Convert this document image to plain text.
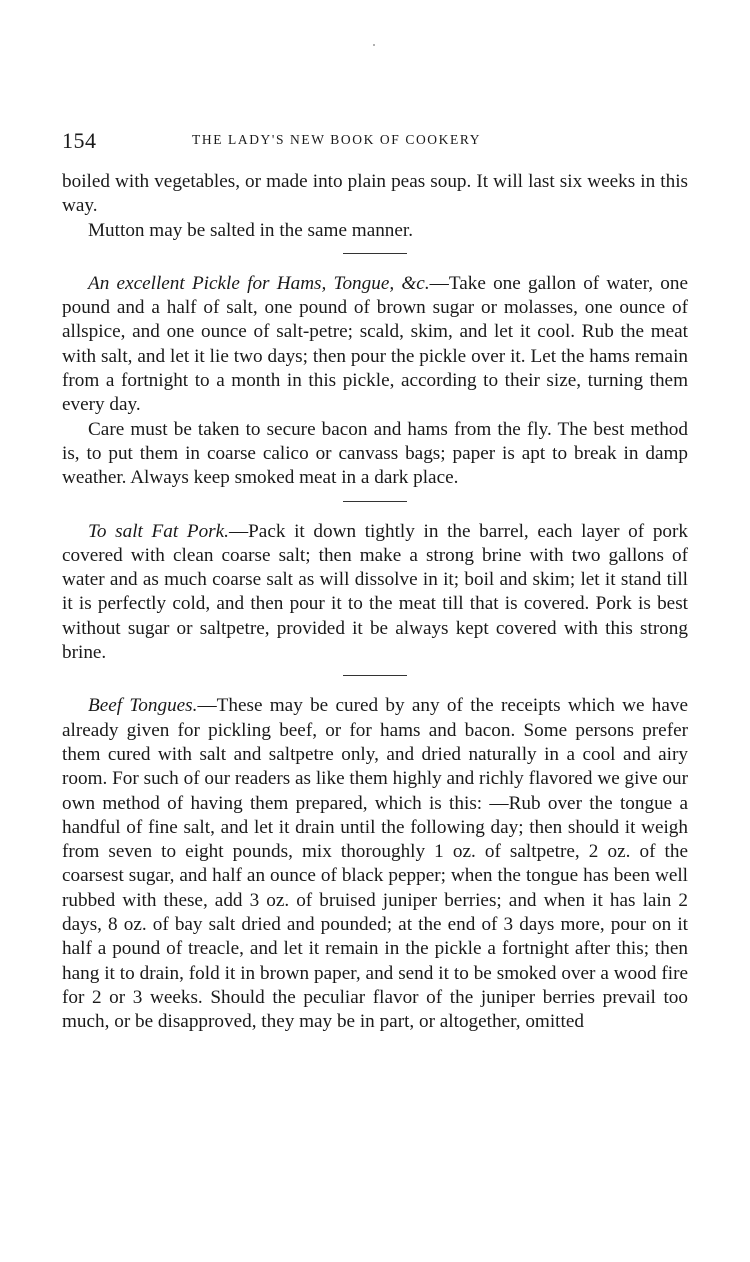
154	THE LADY'S NEW BOOK OF COOKERY

boiled with vegetables, or made into plain peas soup. It will last six weeks in this way.

Mutton may be salted in the same manner.

An excellent Pickle for Hams, Tongue, &c.—Take one gallon of water, one pound and a half of salt, one pound of brown sugar or molasses, one ounce of allspice, and one ounce of salt-petre; scald, skim, and let it cool. Rub the meat with salt, and let it lie two days; then pour the pickle over it. Let the hams remain from a fortnight to a month in this pickle, according to their size, turning them every day.

Care must be taken to secure bacon and hams from the fly. The best method is, to put them in coarse calico or canvass bags; paper is apt to break in damp weather. Always keep smoked meat in a dark place.

To salt Fat Pork.—Pack it down tightly in the barrel, each layer of pork covered with clean coarse salt; then make a strong brine with two gallons of water and as much coarse salt as will dissolve in it; boil and skim; let it stand till it is perfectly cold, and then pour it to the meat till that is covered. Pork is best without sugar or saltpetre, provided it be always kept covered with this strong brine.

Beef Tongues.—These may be cured by any of the receipts which we have already given for pickling beef, or for hams and bacon. Some persons prefer them cured with salt and saltpetre only, and dried naturally in a cool and airy room. For such of our readers as like them highly and richly flavored we give our own method of having them prepared, which is this: —Rub over the tongue a handful of fine salt, and let it drain until the following day; then should it weigh from seven to eight pounds, mix thoroughly 1 oz. of saltpetre, 2 oz. of the coarsest sugar, and half an ounce of black pepper; when the tongue has been well rubbed with these, add 3 oz. of bruised juniper berries; and when it has lain 2 days, 8 oz. of bay salt dried and pounded; at the end of 3 days more, pour on it half a pound of treacle, and let it remain in the pickle a fortnight after this; then hang it to drain, fold it in brown paper, and send it to be smoked over a wood fire for 2 or 3 weeks. Should the peculiar flavor of the juniper berries prevail too much, or be disapproved, they may be in part, or altogether, omitted
